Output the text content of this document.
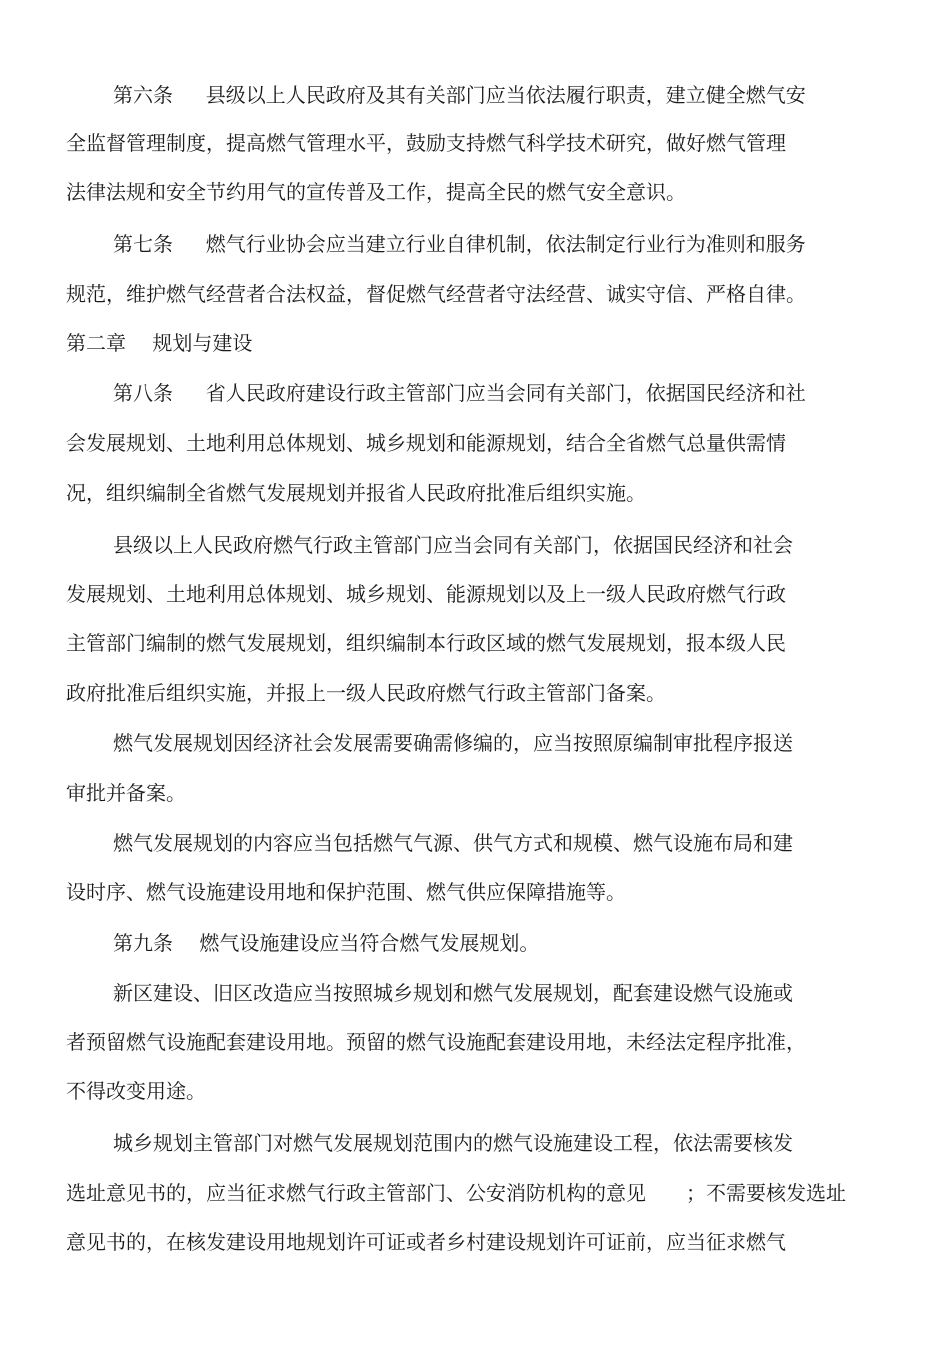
第六条　  县级以上人民政府及其有关部门应当依法履行职责，建立健全燃气安
全监督管理制度，提高燃气管理水平，鼓励支持燃气科学技术研究，做好燃气管理
法律法规和安全节约用气的宣传普及工作，提高全民的燃气安全意识。
第七条　  燃气行业协会应当建立行业自律机制，依法制定行业行为准则和服务
规范，维护燃气经营者合法权益，督促燃气经营者守法经营、诚实守信、严格自律。
第二章　 规划与建设
第八条　  省人民政府建设行政主管部门应当会同有关部门，依据国民经济和社
会发展规划、土地利用总体规划、城乡规划和能源规划，结合全省燃气总量供需情
况，组织编制全省燃气发展规划并报省人民政府批准后组织实施。
县级以上人民政府燃气行政主管部门应当会同有关部门，依据国民经济和社会
发展规划、土地利用总体规划、城乡规划、能源规划以及上一级人民政府燃气行政
主管部门编制的燃气发展规划，组织编制本行政区域的燃气发展规划，报本级人民
政府批准后组织实施，并报上一级人民政府燃气行政主管部门备案。
燃气发展规划因经济社会发展需要确需修编的，应当按照原编制审批程序报送
审批并备案。
燃气发展规划的内容应当包括燃气气源、供气方式和规模、燃气设施布局和建
设时序、燃气设施建设用地和保护范围、燃气供应保障措施等。
第九条　 燃气设施建设应当符合燃气发展规划。
新区建设、旧区改造应当按照城乡规划和燃气发展规划，配套建设燃气设施或
者预留燃气设施配套建设用地。预留的燃气设施配套建设用地，未经法定程序批准，
不得改变用途。
城乡规划主管部门对燃气发展规划范围内的燃气设施建设工程，依法需要核发
选址意见书的，应当征求燃气行政主管部门、公安消防机构的意见　　；不需要核发选址
意见书的，在核发建设用地规划许可证或者乡村建设规划许可证前，应当征求燃气
